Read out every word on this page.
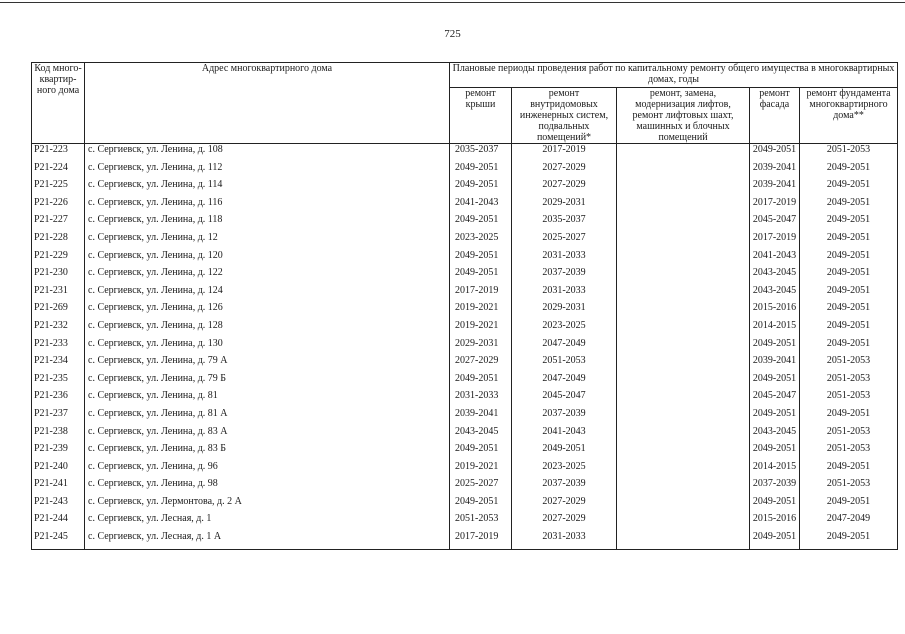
725
Код много-квартир-ного дома	Адрес многоквартирного дома	Плановые периоды проведения работ по капитальному ремонту общего имущества в многоквартирных домах, годы				
		ремонт крыши	ремонт внутридомовых инженерных систем, подвальных помещений*	ремонт, замена, модернизация лифтов, ремонт лифтовых шахт, машинных и блочных помещений	ремонт фасада	ремонт фундамента многоквартирного дома**
P21-223	с. Сергиевск, ул. Ленина, д. 108	2035-2037	2017-2019		2049-2051	2051-2053
P21-224	с. Сергиевск, ул. Ленина, д. 112	2049-2051	2027-2029		2039-2041	2049-2051
P21-225	с. Сергиевск, ул. Ленина, д. 114	2049-2051	2027-2029		2039-2041	2049-2051
P21-226	с. Сергиевск, ул. Ленина, д. 116	2041-2043	2029-2031		2017-2019	2049-2051
P21-227	с. Сергиевск, ул. Ленина, д. 118	2049-2051	2035-2037		2045-2047	2049-2051
P21-228	с. Сергиевск, ул. Ленина, д. 12	2023-2025	2025-2027		2017-2019	2049-2051
P21-229	с. Сергиевск, ул. Ленина, д. 120	2049-2051	2031-2033		2041-2043	2049-2051
P21-230	с. Сергиевск, ул. Ленина, д. 122	2049-2051	2037-2039		2043-2045	2049-2051
P21-231	с. Сергиевск, ул. Ленина, д. 124	2017-2019	2031-2033		2043-2045	2049-2051
P21-269	с. Сергиевск, ул. Ленина, д. 126	2019-2021	2029-2031		2015-2016	2049-2051
P21-232	с. Сергиевск, ул. Ленина, д. 128	2019-2021	2023-2025		2014-2015	2049-2051
P21-233	с. Сергиевск, ул. Ленина, д. 130	2029-2031	2047-2049		2049-2051	2049-2051
P21-234	с. Сергиевск, ул. Ленина, д. 79 А	2027-2029	2051-2053		2039-2041	2051-2053
P21-235	с. Сергиевск, ул. Ленина, д. 79 Б	2049-2051	2047-2049		2049-2051	2051-2053
P21-236	с. Сергиевск, ул. Ленина, д. 81	2031-2033	2045-2047		2045-2047	2051-2053
P21-237	с. Сергиевск, ул. Ленина, д. 81 А	2039-2041	2037-2039		2049-2051	2049-2051
P21-238	с. Сергиевск, ул. Ленина, д. 83 А	2043-2045	2041-2043		2043-2045	2051-2053
P21-239	с. Сергиевск, ул. Ленина, д. 83 Б	2049-2051	2049-2051		2049-2051	2051-2053
P21-240	с. Сергиевск, ул. Ленина, д. 96	2019-2021	2023-2025		2014-2015	2049-2051
P21-241	с. Сергиевск, ул. Ленина, д. 98	2025-2027	2037-2039		2037-2039	2051-2053
P21-243	с. Сергиевск, ул. Лермонтова, д. 2 А	2049-2051	2027-2029		2049-2051	2049-2051
P21-244	с. Сергиевск, ул. Лесная, д. 1	2051-2053	2027-2029		2015-2016	2047-2049
P21-245	с. Сергиевск, ул. Лесная, д. 1 А	2017-2019	2031-2033		2049-2051	2049-2051
